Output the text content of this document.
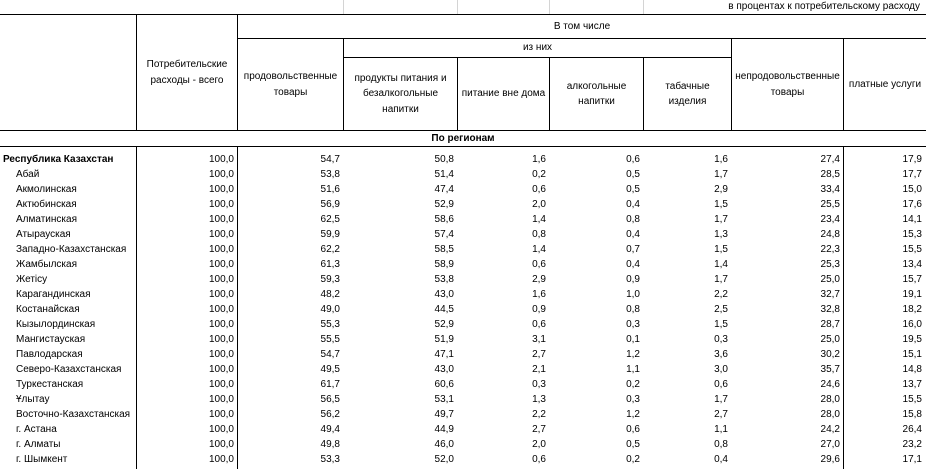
в процентах к потребительскому расходу
Потребительские расходы - всего
В том числе
продовольственные товары
из них
продукты питания и безалкогольные напитки
питание вне дома
алкогольные напитки
табачные изделия
непродовольственные товары
платные услуги
По регионам
Республика Казахстан	100,0	54,7	50,8	1,6	0,6	1,6	27,4	17,9
Абай	100,0	53,8	51,4	0,2	0,5	1,7	28,5	17,7
Акмолинская	100,0	51,6	47,4	0,6	0,5	2,9	33,4	15,0
Актюбинская	100,0	56,9	52,9	2,0	0,4	1,5	25,5	17,6
Алматинская	100,0	62,5	58,6	1,4	0,8	1,7	23,4	14,1
Атырауская	100,0	59,9	57,4	0,8	0,4	1,3	24,8	15,3
Западно-Казахстанская	100,0	62,2	58,5	1,4	0,7	1,5	22,3	15,5
Жамбылская	100,0	61,3	58,9	0,6	0,4	1,4	25,3	13,4
Жетісу	100,0	59,3	53,8	2,9	0,9	1,7	25,0	15,7
Карагандинская	100,0	48,2	43,0	1,6	1,0	2,2	32,7	19,1
Костанайская	100,0	49,0	44,5	0,9	0,8	2,5	32,8	18,2
Кызылординская	100,0	55,3	52,9	0,6	0,3	1,5	28,7	16,0
Мангистауская	100,0	55,5	51,9	3,1	0,1	0,3	25,0	19,5
Павлодарская	100,0	54,7	47,1	2,7	1,2	3,6	30,2	15,1
Северо-Казахстанская	100,0	49,5	43,0	2,1	1,1	3,0	35,7	14,8
Туркестанская	100,0	61,7	60,6	0,3	0,2	0,6	24,6	13,7
Ұлытау	100,0	56,5	53,1	1,3	0,3	1,7	28,0	15,5
Восточно-Казахстанская	100,0	56,2	49,7	2,2	1,2	2,7	28,0	15,8
г. Астана	100,0	49,4	44,9	2,7	0,6	1,1	24,2	26,4
г. Алматы	100,0	49,8	46,0	2,0	0,5	0,8	27,0	23,2
г. Шымкент	100,0	53,3	52,0	0,6	0,2	0,4	29,6	17,1
